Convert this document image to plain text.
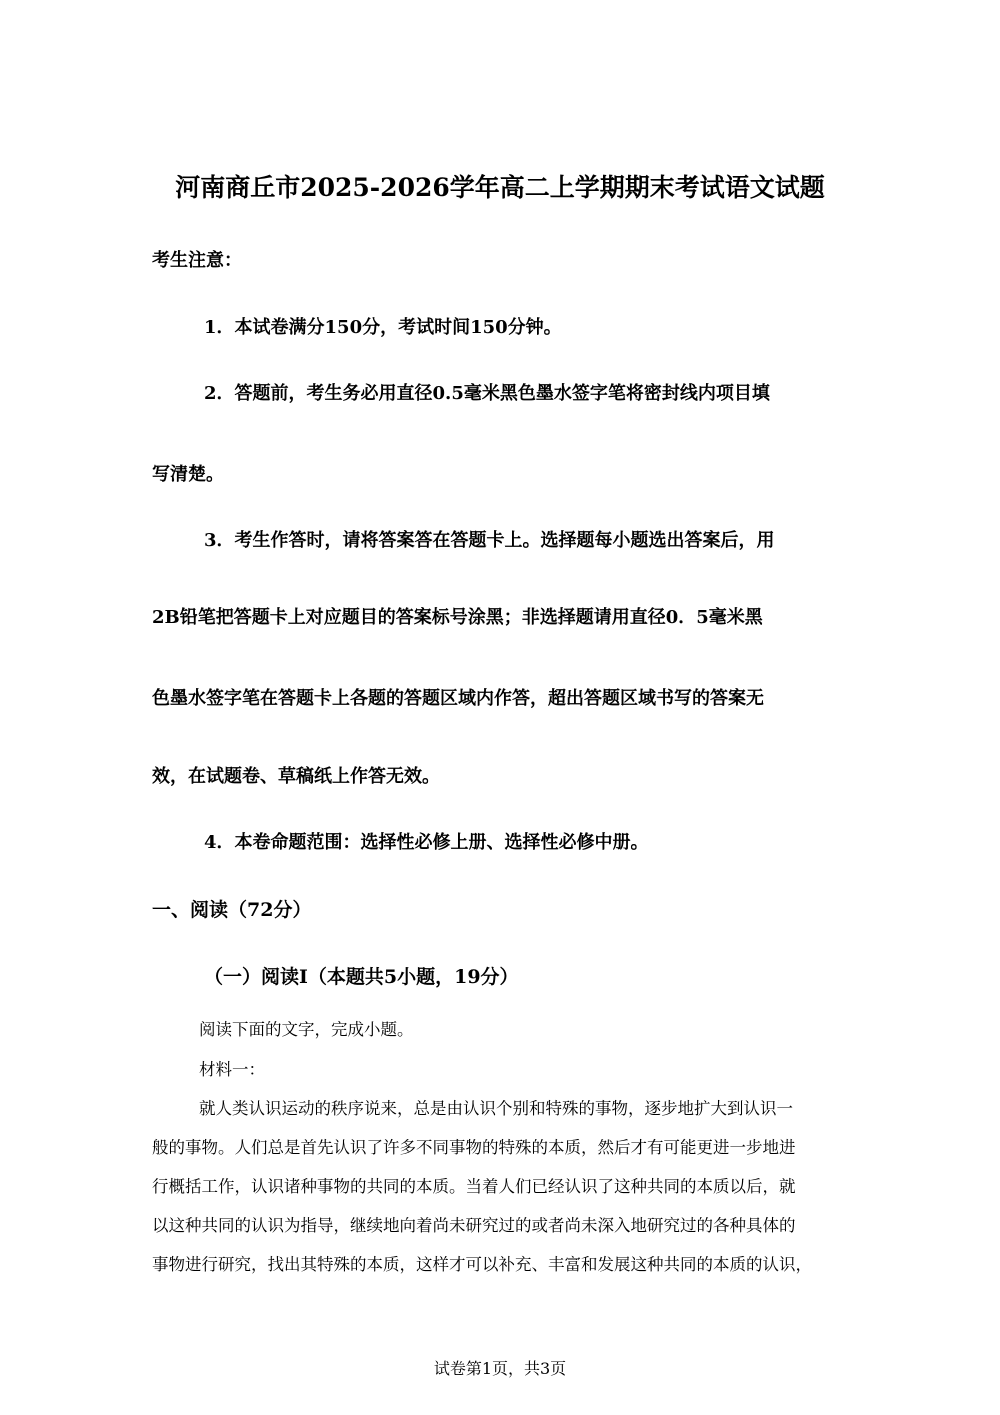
河南商丘市2025-2026学年高二上学期期末考试语文试题
考生注意：
1．本试卷满分150分，考试时间150分钟。
2．答题前，考生务必用直径0.5毫米黑色墨水签字笔将密封线内项目填
写清楚。
3．考生作答时，请将答案答在答题卡上。选择题每小题选出答案后，用
2B铅笔把答题卡上对应题目的答案标号涂黑；非选择题请用直径0．5毫米黑
色墨水签字笔在答题卡上各题的答题区域内作答，超出答题区域书写的答案无
效，在试题卷、草稿纸上作答无效。
4．本卷命题范围：选择性必修上册、选择性必修中册。
一、阅读（72分）
（一）阅读Ⅰ（本题共5小题，19分）
阅读下面的文字，完成小题。
材料一：
就人类认识运动的秩序说来，总是由认识个别和特殊的事物，逐步地扩大到认识一
般的事物。人们总是首先认识了许多不同事物的特殊的本质，然后才有可能更进一步地进
行概括工作，认识诸种事物的共同的本质。当着人们已经认识了这种共同的本质以后，就
以这种共同的认识为指导，继续地向着尚未研究过的或者尚未深入地研究过的各种具体的
事物进行研究，找出其特殊的本质，这样才可以补充、丰富和发展这种共同的本质的认识，
试卷第1页，共3页
